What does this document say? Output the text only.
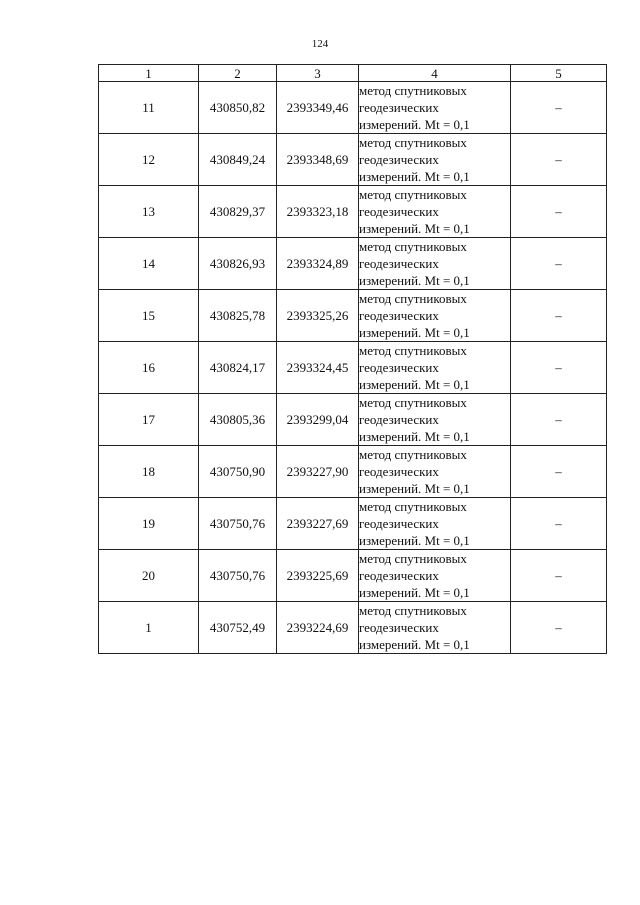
124
1	2	3	4	5
11	430850,82	2393349,46	метод спутниковых
геодезических
измерений. Mt = 0,1	–
12	430849,24	2393348,69	метод спутниковых
геодезических
измерений. Mt = 0,1	–
13	430829,37	2393323,18	метод спутниковых
геодезических
измерений. Mt = 0,1	–
14	430826,93	2393324,89	метод спутниковых
геодезических
измерений. Mt = 0,1	–
15	430825,78	2393325,26	метод спутниковых
геодезических
измерений. Mt = 0,1	–
16	430824,17	2393324,45	метод спутниковых
геодезических
измерений. Mt = 0,1	–
17	430805,36	2393299,04	метод спутниковых
геодезических
измерений. Mt = 0,1	–
18	430750,90	2393227,90	метод спутниковых
геодезических
измерений. Mt = 0,1	–
19	430750,76	2393227,69	метод спутниковых
геодезических
измерений. Mt = 0,1	–
20	430750,76	2393225,69	метод спутниковых
геодезических
измерений. Mt = 0,1	–
1	430752,49	2393224,69	метод спутниковых
геодезических
измерений. Mt = 0,1	–
